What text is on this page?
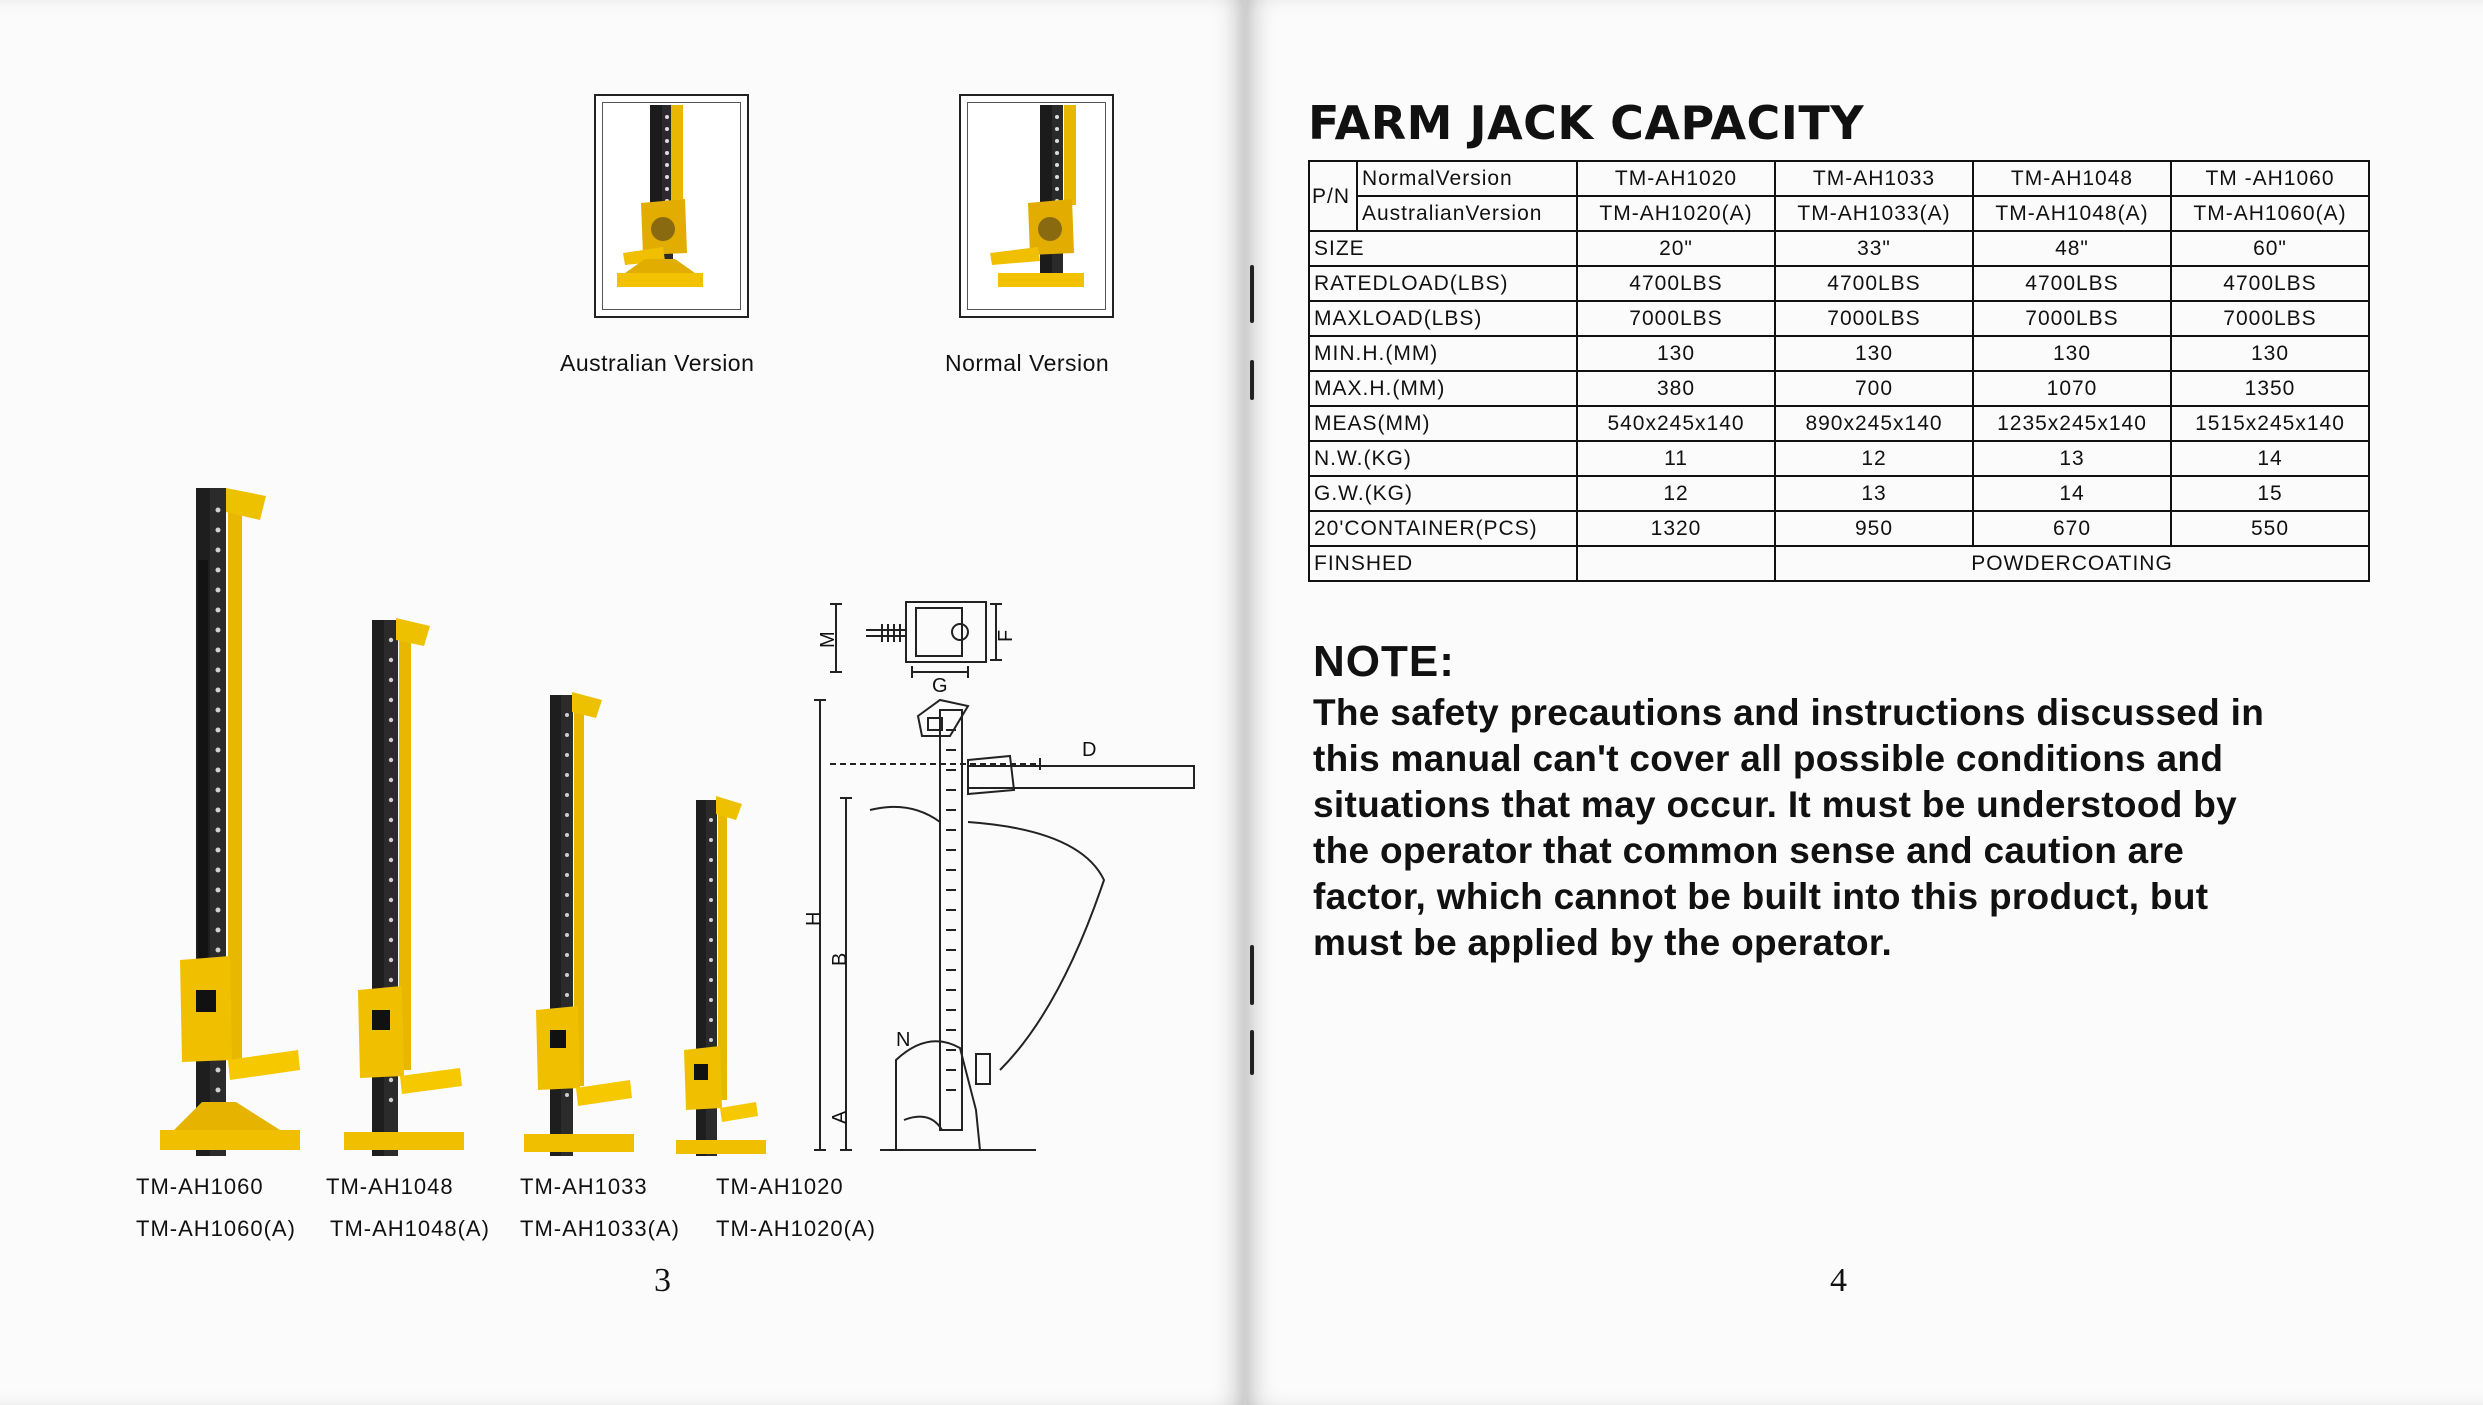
Australian Version	Normal Version
M	F
G
D
H
B
N
A
TM-AH1060	TM-AH1048	TM-AH1033	TM-AH1020
TM-AH1060(A) TM-AH1048(A) TM-AH1033(A) TM-AH1020(A)
3
FARM JACK CAPACITY
P/N	NormalVersion	TM-AH1020	TM-AH1033	TM-AH1048	TM -AH1060
	AustralianVersion	TM-AH1020(A)	TM-AH1033(A)	TM-AH1048(A)	TM-AH1060(A)
SIZE		20"	33"	48"	60"
RATEDLOAD(LBS)		4700LBS	4700LBS	4700LBS	4700LBS
MAXLOAD(LBS)		7000LBS	7000LBS	7000LBS	7000LBS
MIN.H.(MM)		130	130	130	130
MAX.H.(MM)		380	700	1070	1350
MEAS(MM)		540x245x140	890x245x140	1235x245x140	1515x245x140
N.W.(KG)		11	12	13	14
G.W.(KG)		12	13	14	15
20'CONTAINER(PCS)		1320	950	670	550
FINSHED			POWDERCOATING		
NOTE:
The safety precautions and instructions discussed in
this manual can't cover all possible conditions and
situations that may occur. It must be understood by
the operator that common sense and caution are
factor, which cannot be built into this product, but
must be applied by the operator.
4
